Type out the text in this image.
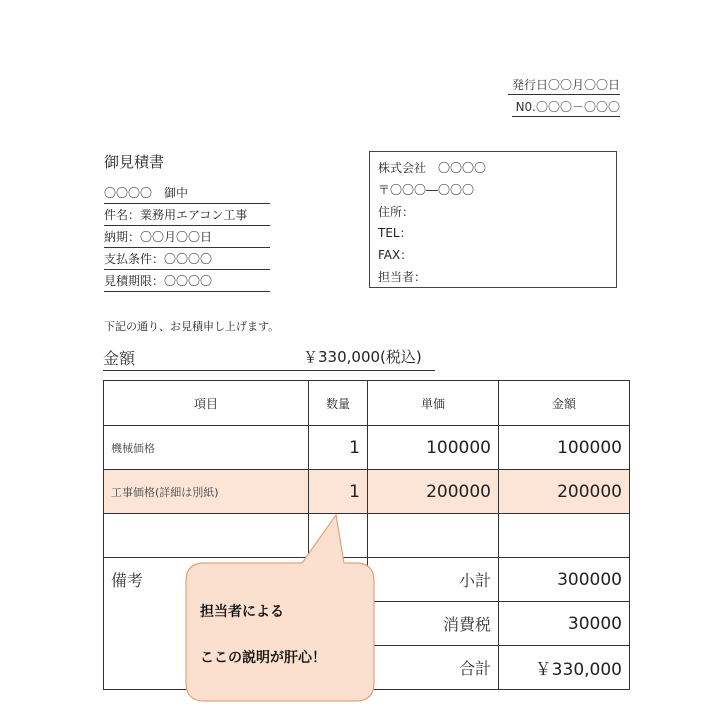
発行日〇〇月〇〇日
N0.〇〇〇－〇〇〇
御見積書
〇〇〇〇　御中
件名：業務用エアコン工事
納期：〇〇月〇〇日
支払条件：〇〇〇〇
見積期限：〇〇〇〇
株式会社　〇〇〇〇
〒〇〇〇―〇〇〇
住所：
TEL：
FAX：
担当者：
下記の通り、お見積申し上げます。
金額	￥330,000(税込)
項目	数量	単価	金額
機械価格	1	100000	100000
工事価格(詳細は別紙)	1	200000	200000

備考		小計	300000
		消費税	30000
		合計	￥330,000
担当者による
ここの説明が肝心！
